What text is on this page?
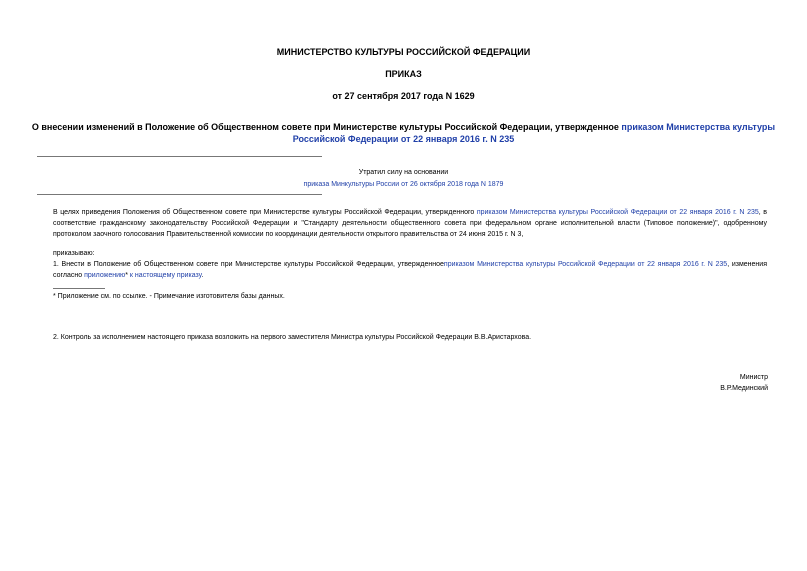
МИНИСТЕРСТВО КУЛЬТУРЫ РОССИЙСКОЙ ФЕДЕРАЦИИ
ПРИКАЗ
от 27 сентября 2017 года N 1629
О внесении изменений в Положение об Общественном совете при Министерстве культуры Российской Федерации, утвержденное приказом Министерства культуры Российской Федерации от 22 января 2016 г. N 235
Утратил силу на основании
приказа Минкультуры России от 26 октября 2018 года N 1879
В целях приведения Положения об Общественном совете при Министерстве культуры Российской Федерации, утвержденного приказом Министерства культуры Российской Федерации от 22 января 2016 г. N 235, в соответствие гражданскому законодательству Российской Федерации и "Стандарту деятельности общественного совета при федеральном органе исполнительной власти (Типовое положение)", одобренному протоколом заочного голосования Правительственной комиссии по координации деятельности открытого правительства от 24 июня 2015 г. N 3,
приказываю:
1. Внести в Положение об Общественном совете при Министерстве культуры Российской Федерации, утвержденноеприказом Министерства культуры Российской Федерации от 22 января 2016 г. N 235, изменения согласно приложению* к настоящему приказу.
* Приложение см. по ссылке. - Примечание изготовителя базы данных.
2. Контроль за исполнением настоящего приказа возложить на первого заместителя Министра культуры Российской Федерации В.В.Аристархова.
Министр
В.Р.Мединский
